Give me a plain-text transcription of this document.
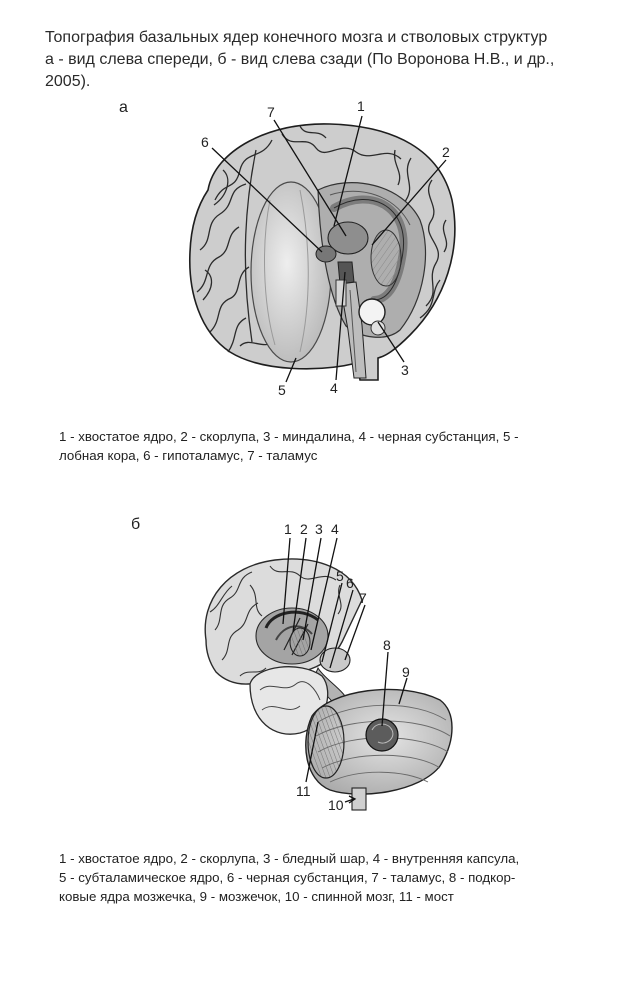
Топография базальных ядер конечного мозга и стволовых структур
а - вид слева спереди, б - вид слева сзади (По Воронова Н.В., и др.,
2005).
а	7	1
6
2
3
4
5
б	1 2 3 4
5 6
7
8
9
11
10
1 - хвостатое ядро, 2 - скорлупа, 3 - миндалина, 4 - черная субстанция, 5 -
лобная кора, 6 - гипоталамус, 7 - таламус
1 - хвостатое ядро, 2 - скорлупа, 3 - бледный шар, 4 - внутренняя капсула,
5 - субталамическое ядро, 6 - черная субстанция, 7 - таламус, 8 - подкор-
ковые ядра мозжечка, 9 - мозжечок, 10 - спинной мозг, 11 - мост
